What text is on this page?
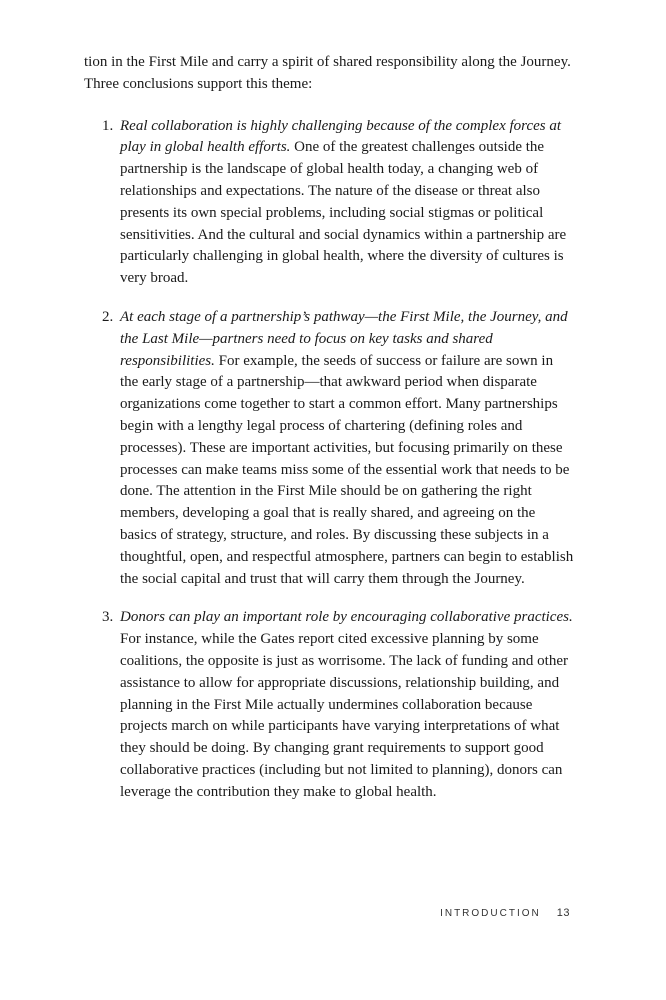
tion in the First Mile and carry a spirit of shared responsibility along the Journey. Three conclusions support this theme:

1. Real collaboration is highly challenging because of the complex forces at play in global health efforts. One of the greatest challenges outside the partnership is the landscape of global health today, a changing web of relationships and expectations. The nature of the disease or threat also presents its own special problems, including social stigmas or political sensitivities. And the cultural and social dynamics within a partnership are particularly challenging in global health, where the diversity of cultures is very broad.
2. At each stage of a partnership’s pathway—the First Mile, the Journey, and the Last Mile—partners need to focus on key tasks and shared responsibilities. For example, the seeds of success or failure are sown in the early stage of a partnership—that awkward period when disparate organizations come together to start a common effort. Many partnerships begin with a lengthy legal process of chartering (defining roles and processes). These are important activities, but focusing primarily on these processes can make teams miss some of the essential work that needs to be done. The attention in the First Mile should be on gathering the right members, developing a goal that is really shared, and agreeing on the basics of strategy, structure, and roles. By discussing these subjects in a thoughtful, open, and respectful atmosphere, partners can begin to establish the social capital and trust that will carry them through the Journey.
3. Donors can play an important role by encouraging collaborative practices. For instance, while the Gates report cited excessive planning by some coalitions, the opposite is just as worrisome. The lack of funding and other assistance to allow for appropriate discussions, relationship building, and planning in the First Mile actually undermines collaboration because projects march on while participants have varying interpretations of what they should be doing. By changing grant requirements to support good collaborative practices (including but not limited to planning), donors can leverage the contribution they make to global health.
INTRODUCTION 13
